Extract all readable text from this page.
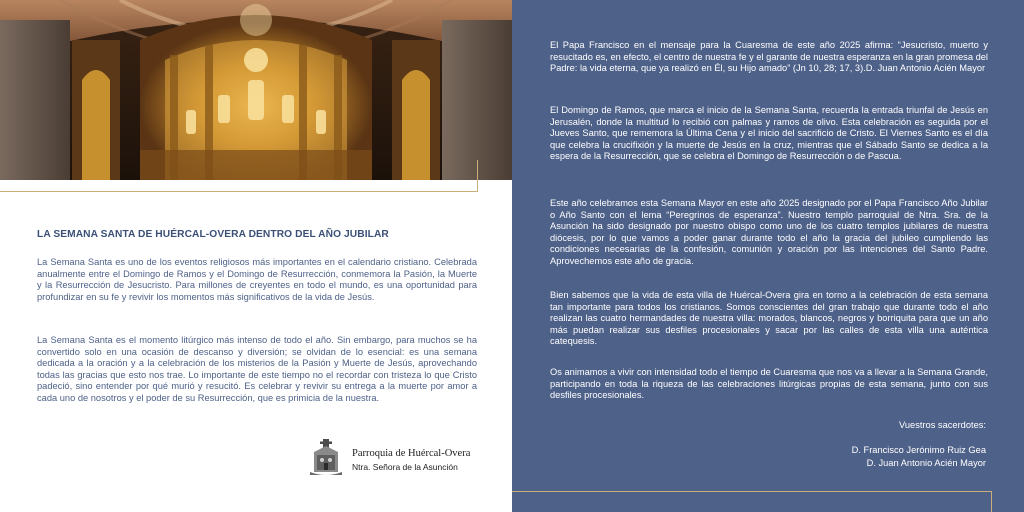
LA SEMANA SANTA DE HUÉRCAL-OVERA DENTRO DEL AÑO JUBILAR
La Semana Santa es uno de los eventos religiosos más importantes en el calendario cristiano. Celebrada anualmente entre el Domingo de Ramos y el Domingo de Resurrección, conmemora la Pasión, la Muerte y la Resurrección de Jesucristo. Para millones de creyentes en todo el mundo, es una oportunidad para profundizar en su fe y revivir los momentos más significativos de la vida de Jesús.
La Semana Santa es el momento litúrgico más intenso de todo el año. Sin embargo, para muchos se ha convertido solo en una ocasión de descanso y diversión; se olvidan de lo esencial: es una semana dedicada a la oración y a la celebración de los misterios de la Pasión y Muerte de Jesús, aprovechando todas las gracias que esto nos trae. Lo importante de este tiempo no el recordar con tristeza lo que Cristo padeció, sino entender por qué murió y resucitó. Es celebrar y revivir su entrega a la muerte por amor a cada uno de nosotros y el poder de su Resurrección, que es primicia de la nuestra.
Parroquia de Huércal-Overa
Ntra. Señora de la Asunción
El Papa Francisco en el mensaje para la Cuaresma de este año 2025 afirma: “Jesucristo, muerto y resucitado es, en efecto, el centro de nuestra fe y el garante de nuestra esperanza en la gran promesa del Padre: la vida eterna, que ya realizó en Él, su Hijo amado” (Jn 10, 28; 17, 3).D. Juan Antonio Acién Mayor
El Domingo de Ramos, que marca el inicio de la Semana Santa, recuerda la entrada triunfal de Jesús en Jerusalén, donde la multitud lo recibió con palmas y ramos de olivo. Esta celebración es seguida por el Jueves Santo, que rememora la Última Cena y el inicio del sacrificio de Cristo. El Viernes Santo es el día que celebra la crucifixión y la muerte de Jesús en la cruz, mientras que el Sábado Santo se dedica a la espera de la Resurrección, que se celebra el Domingo de Resurrección o de Pascua.
Este año celebramos esta Semana Mayor en este año 2025 designado por el Papa Francisco Año Jubilar o Año Santo con el lema “Peregrinos de esperanza”. Nuestro templo parroquial de Ntra. Sra. de la Asunción ha sido designado por nuestro obispo como uno de los cuatro templos jubilares de nuestra diócesis, por lo que vamos a poder ganar durante todo el año la gracia del jubileo cumpliendo las condiciones necesarias de la confesión, comunión y oración por las intenciones del Santo Padre. Aprovechemos este año de gracia.
Bien sabemos que la vida de esta villa de Huércal-Overa gira en torno a la celebración de esta semana tan importante para todos los cristianos. Somos conscientes del gran trabajo que durante todo el año realizan las cuatro hermandades de nuestra villa: morados, blancos, negros y borriquita para que un año más puedan realizar sus desfiles procesionales y sacar por las calles de esta villa una auténtica catequesis.
Os animamos a vivir con intensidad todo el tiempo de Cuaresma que nos va a llevar a la Semana Grande, participando en toda la riqueza de las celebraciones litúrgicas propias de esta semana, junto con sus desfiles procesionales.
Vuestros sacerdotes:
D. Francisco Jerónimo Ruiz Gea
D. Juan Antonio Acién Mayor
